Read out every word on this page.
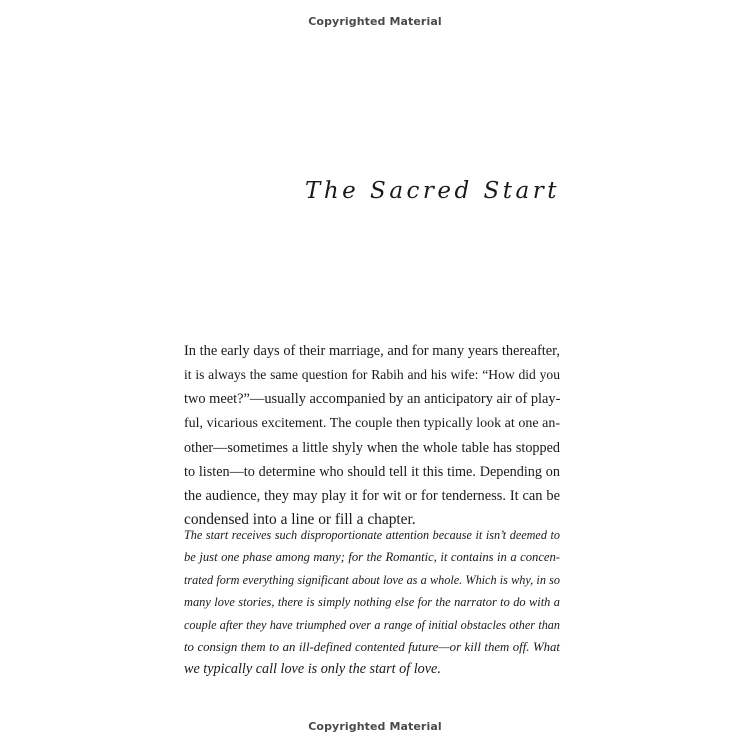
Copyrighted Material
The Sacred Start
In the early days of their marriage, and for many years thereafter,
it is always the same question for Rabih and his wife: “How did you
two meet?”—usually accompanied by an anticipatory air of play-
ful, vicarious excitement. The couple then typically look at one an-
other—sometimes a little shyly when the whole table has stopped
to listen—to determine who should tell it this time. Depending on
the audience, they may play it for wit or for tenderness. It can be
condensed into a line or fill a chapter.
The start receives such disproportionate attention because it isn’t deemed to
be just one phase among many; for the Romantic, it contains in a concen-
trated form everything significant about love as a whole. Which is why, in so
many love stories, there is simply nothing else for the narrator to do with a
couple after they have triumphed over a range of initial obstacles other than
to consign them to an ill-defined contented future—or kill them off. What
we typically call love is only the start of love.
Copyrighted Material
